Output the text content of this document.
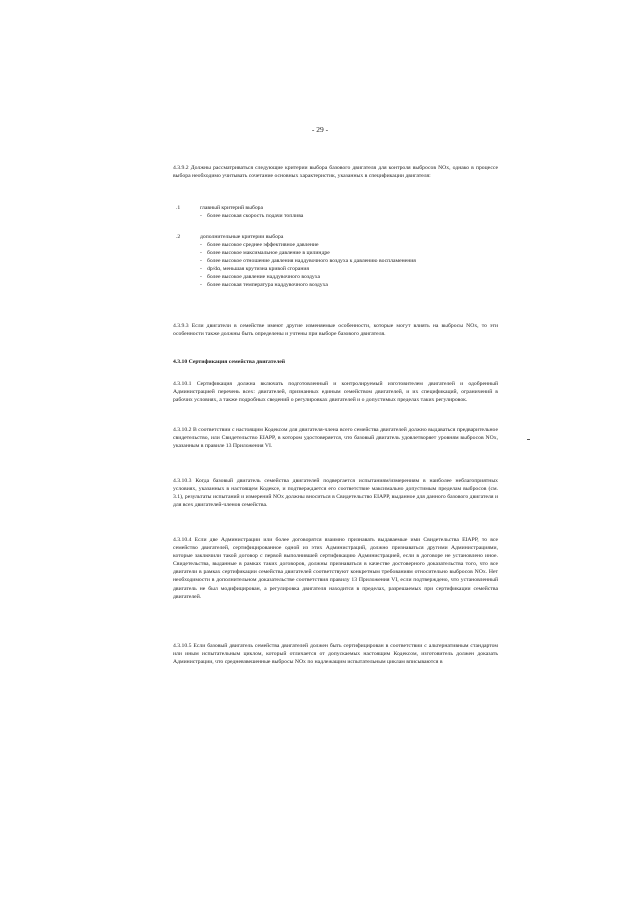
- 29 -

4.3.9.2 Должны рассматриваться следующие критерии выбора базового двигателя для контроля выбросов NOx, однако в процессе выбора необходимо учитывать сочетание основных характеристик, указанных в спецификации двигателя:

.1	главный критерий выбора
- более высокая скорость подачи топлива
.2	дополнительные критерии выбора
- более высокое среднее эффективное давление
- более высокое максимальное давление в цилиндре
- более высокое отношение давления наддувочного воздуха к давлению воспламенения
- dp/dα, меньшая крутизна кривой сгорания
- более высокое давление наддувочного воздуха
- более высокая температура наддувочного воздуха

4.3.9.3 Если двигатели в семействе имеют другие изменяемые особенности, которые могут влиять на выбросы NOx, то эти особенности также должны быть определены и учтены при выборе базового двигателя.

4.3.10 Сертификация семейства двигателей

4.3.10.1 Сертификация должна включать подготовленный и контролируемый изготовителем двигателей и одобренный Администрацией перечень всех: двигателей, признанных единым семейством двигателей, и их спецификаций, ограничений в рабочих условиях, а также подробных сведений о регулировках двигателей и о допустимых пределах таких регулировок.

4.3.10.2 В соответствии с настоящим Кодексом для двигателя-члена всего семейства двигателей должно выдаваться предварительное свидетельство, или Свидетельство EIAPP, в котором удостоверяется, что базовый двигатель удовлетворяет уровням выбросов NOx, указанным в правиле 13 Приложения VI.

4.3.10.3 Когда базовый двигатель семейства двигателей подвергается испытаниям/измерениям в наиболее неблагоприятных условиях, указанных в настоящем Кодексе, и подтверждается его соответствие максимально допустимым пределам выбросов (см. 3.1), результаты испытаний и измерений NOx должны вноситься в Свидетельство EIAPP, выданное для данного базового двигателя и для всех двигателей-членов семейства.

4.3.10.4 Если две Администрации или более договорятся взаимно признавать выдаваемые ими Свидетельства EIAPP, то все семейство двигателей, сертифицированное одной из этих Администраций, должно признаваться другими Администрациями, которые заключили такой договор с первой выполнившей сертификацию Администрацией, если в договоре не установлено иное. Свидетельства, выданные в рамках таких договоров, должны признаваться в качестве достоверного доказательства того, что все двигатели в рамках сертификации семейства двигателей соответствуют конкретным требованиям относительно выбросов NOx. Нет необходимости в дополнительном доказательстве соответствия правилу 13 Приложения VI, если подтверждено, что установленный двигатель не был модифицирован, а регулировка двигателя находится в пределах, разрешаемых при сертификации семейства двигателей.

4.3.10.5 Если базовый двигатель семейства двигателей должен быть сертифицирован в соответствии с альтернативным стандартом или иным испытательным циклом, который отличается от допускаемых настоящим Кодексом, изготовитель должен доказать Администрации, что средневзвешенные выбросы NOx по надлежащим испытательным циклам вписываются в
